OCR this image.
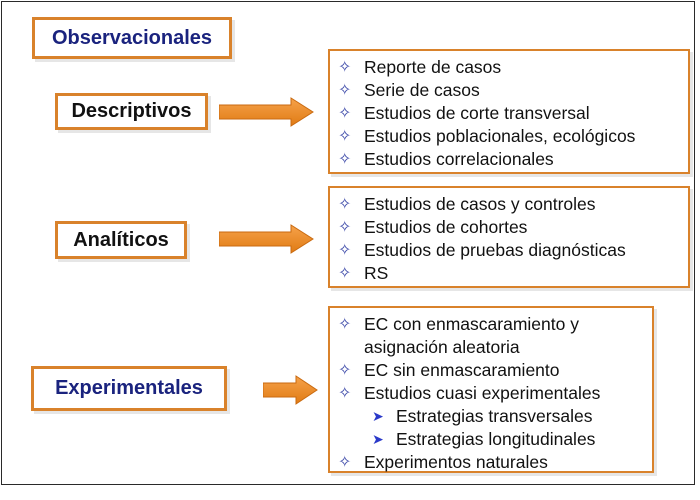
Observacionales
Descriptivos
✧ Reporte de casos
✧ Serie de casos
✧ Estudios de corte transversal
✧ Estudios poblacionales, ecológicos
✧ Estudios correlacionales
Analíticos
✧ Estudios de casos y controles
✧ Estudios de cohortes
✧ Estudios de pruebas diagnósticas
✧ RS
Experimentales
✧ EC con enmascaramiento y asignación aleatoria
✧ EC sin enmascaramiento
✧ Estudios cuasi experimentales
➤ Estrategias transversales
➤ Estrategias longitudinales
✧ Experimentos naturales
